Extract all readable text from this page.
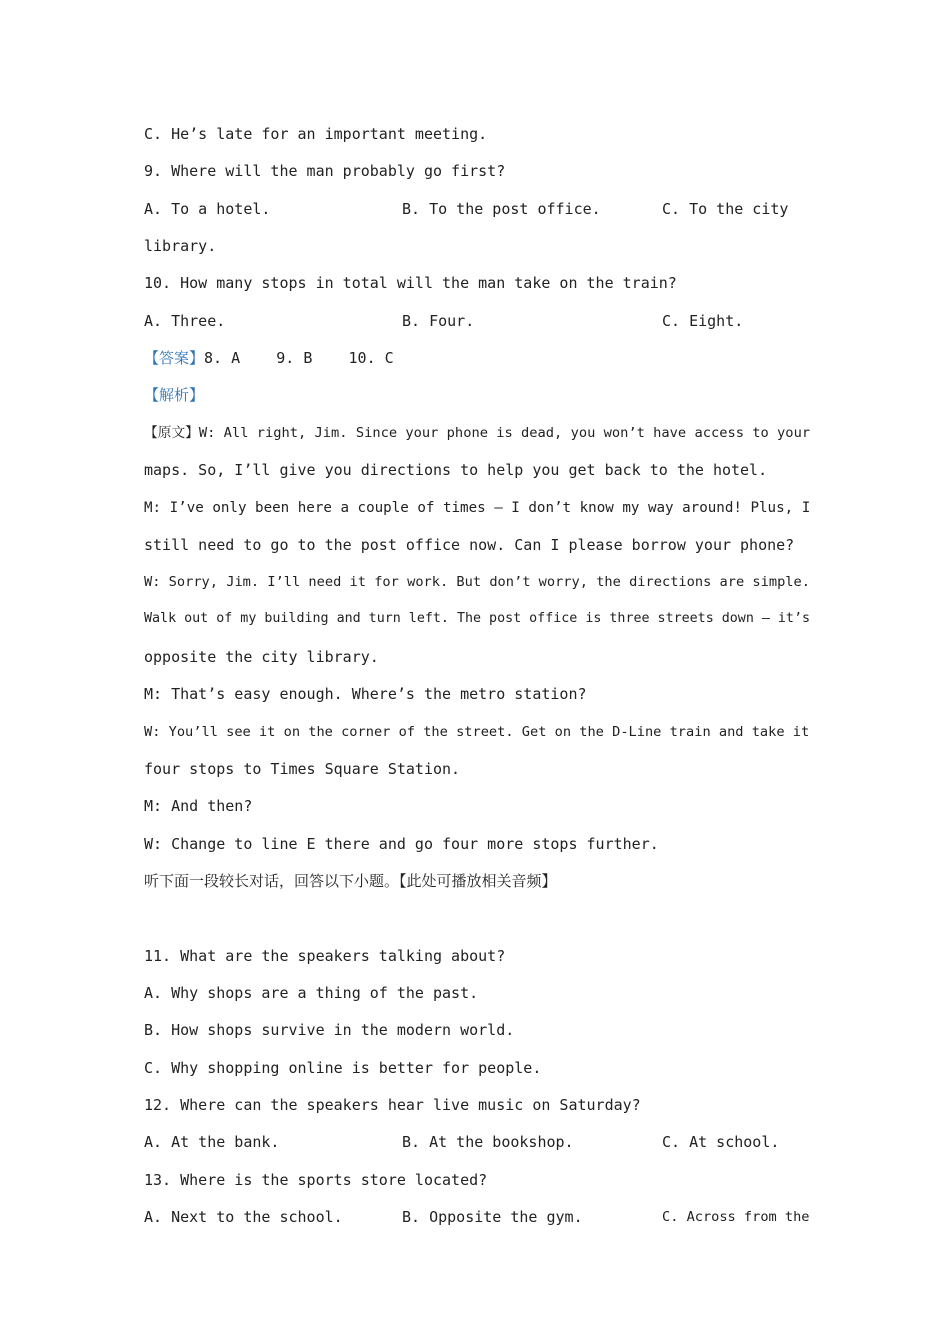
C. He’s late for an important meeting.
9. Where will the man probably go first?
A. To a hotel.	B. To the post office.	C. To the city
library.
10. How many stops in total will the man take on the train?
A. Three.	B. Four.	C. Eight.
【答案】8. A    9. B    10. C
【解析】
【原文】W: All right, Jim. Since your phone is dead, you won’t have access to your
maps. So, I’ll give you directions to help you get back to the hotel.
M: I’ve only been here a couple of times — I don’t know my way around! Plus, I
still need to go to the post office now. Can I please borrow your phone?
W: Sorry, Jim. I’ll need it for work. But don’t worry, the directions are simple.
Walk out of my building and turn left. The post office is three streets down — it’s
opposite the city library.
M: That’s easy enough. Where’s the metro station?
W: You’ll see it on the corner of the street. Get on the D-Line train and take it
four stops to Times Square Station.
M: And then?
W: Change to line E there and go four more stops further.
听下面一段较长对话，回答以下小题。【此处可播放相关音频】
11. What are the speakers talking about?
A. Why shops are a thing of the past.
B. How shops survive in the modern world.
C. Why shopping online is better for people.
12. Where can the speakers hear live music on Saturday?
A. At the bank.	B. At the bookshop.	C. At school.
13. Where is the sports store located?
A. Next to the school.	B. Opposite the gym.	C. Across from the
